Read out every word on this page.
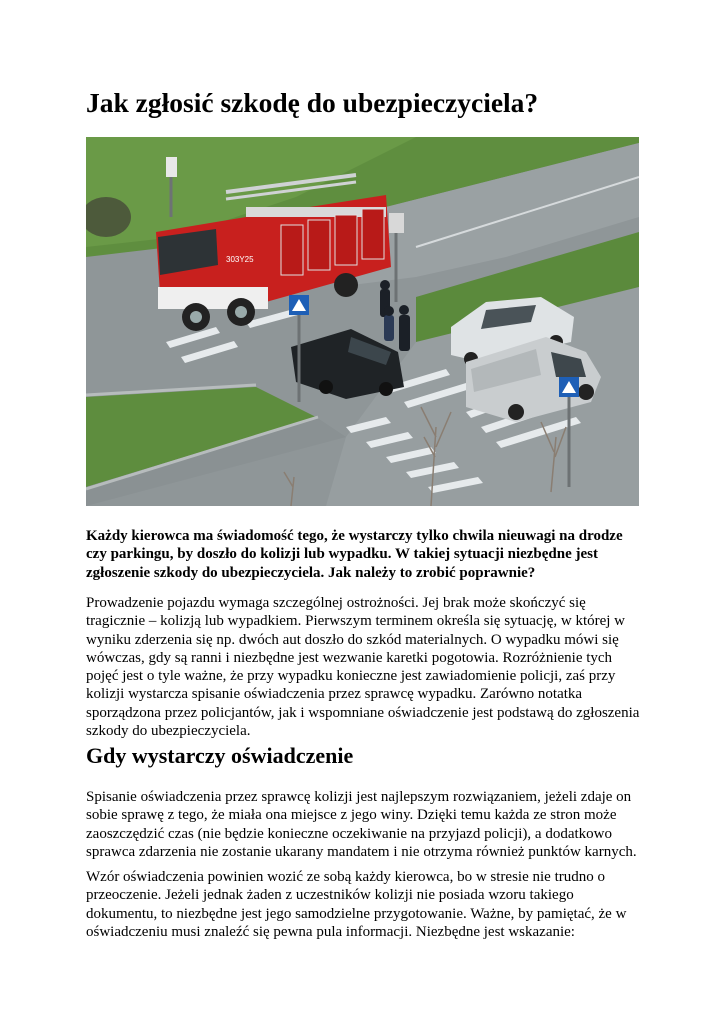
Jak zgłosić szkodę do ubezpieczyciela?
303Y25

Każdy kierowca ma świadomość tego, że wystarczy tylko chwila nieuwagi na drodze czy parkingu, by doszło do kolizji lub wypadku. W takiej sytuacji niezbędne jest zgłoszenie szkody do ubezpieczyciela. Jak należy to zrobić poprawnie?

Prowadzenie pojazdu wymaga szczególnej ostrożności. Jej brak może skończyć się tragicznie – kolizją lub wypadkiem. Pierwszym terminem określa się sytuację, w której w wyniku zderzenia się np. dwóch aut doszło do szkód materialnych. O wypadku mówi się wówczas, gdy są ranni i niezbędne jest wezwanie karetki pogotowia. Rozróżnienie tych pojęć jest o tyle ważne, że przy wypadku konieczne jest zawiadomienie policji, zaś przy kolizji wystarcza spisanie oświadczenia przez sprawcę wypadku. Zarówno notatka sporządzona przez policjantów, jak i wspomniane oświadczenie jest podstawą do zgłoszenia szkody do ubezpieczyciela.

Gdy wystarczy oświadczenie

Spisanie oświadczenia przez sprawcę kolizji jest najlepszym rozwiązaniem, jeżeli zdaje on sobie sprawę z tego, że miała ona miejsce z jego winy. Dzięki temu każda ze stron może zaoszczędzić czas (nie będzie konieczne oczekiwanie na przyjazd policji), a dodatkowo sprawca zdarzenia nie zostanie ukarany mandatem i nie otrzyma również punktów karnych.

Wzór oświadczenia powinien wozić ze sobą każdy kierowca, bo w stresie nie trudno o przeoczenie. Jeżeli jednak żaden z uczestników kolizji nie posiada wzoru takiego dokumentu, to niezbędne jest jego samodzielne przygotowanie. Ważne, by pamiętać, że w oświadczeniu musi znaleźć się pewna pula informacji. Niezbędne jest wskazanie:
